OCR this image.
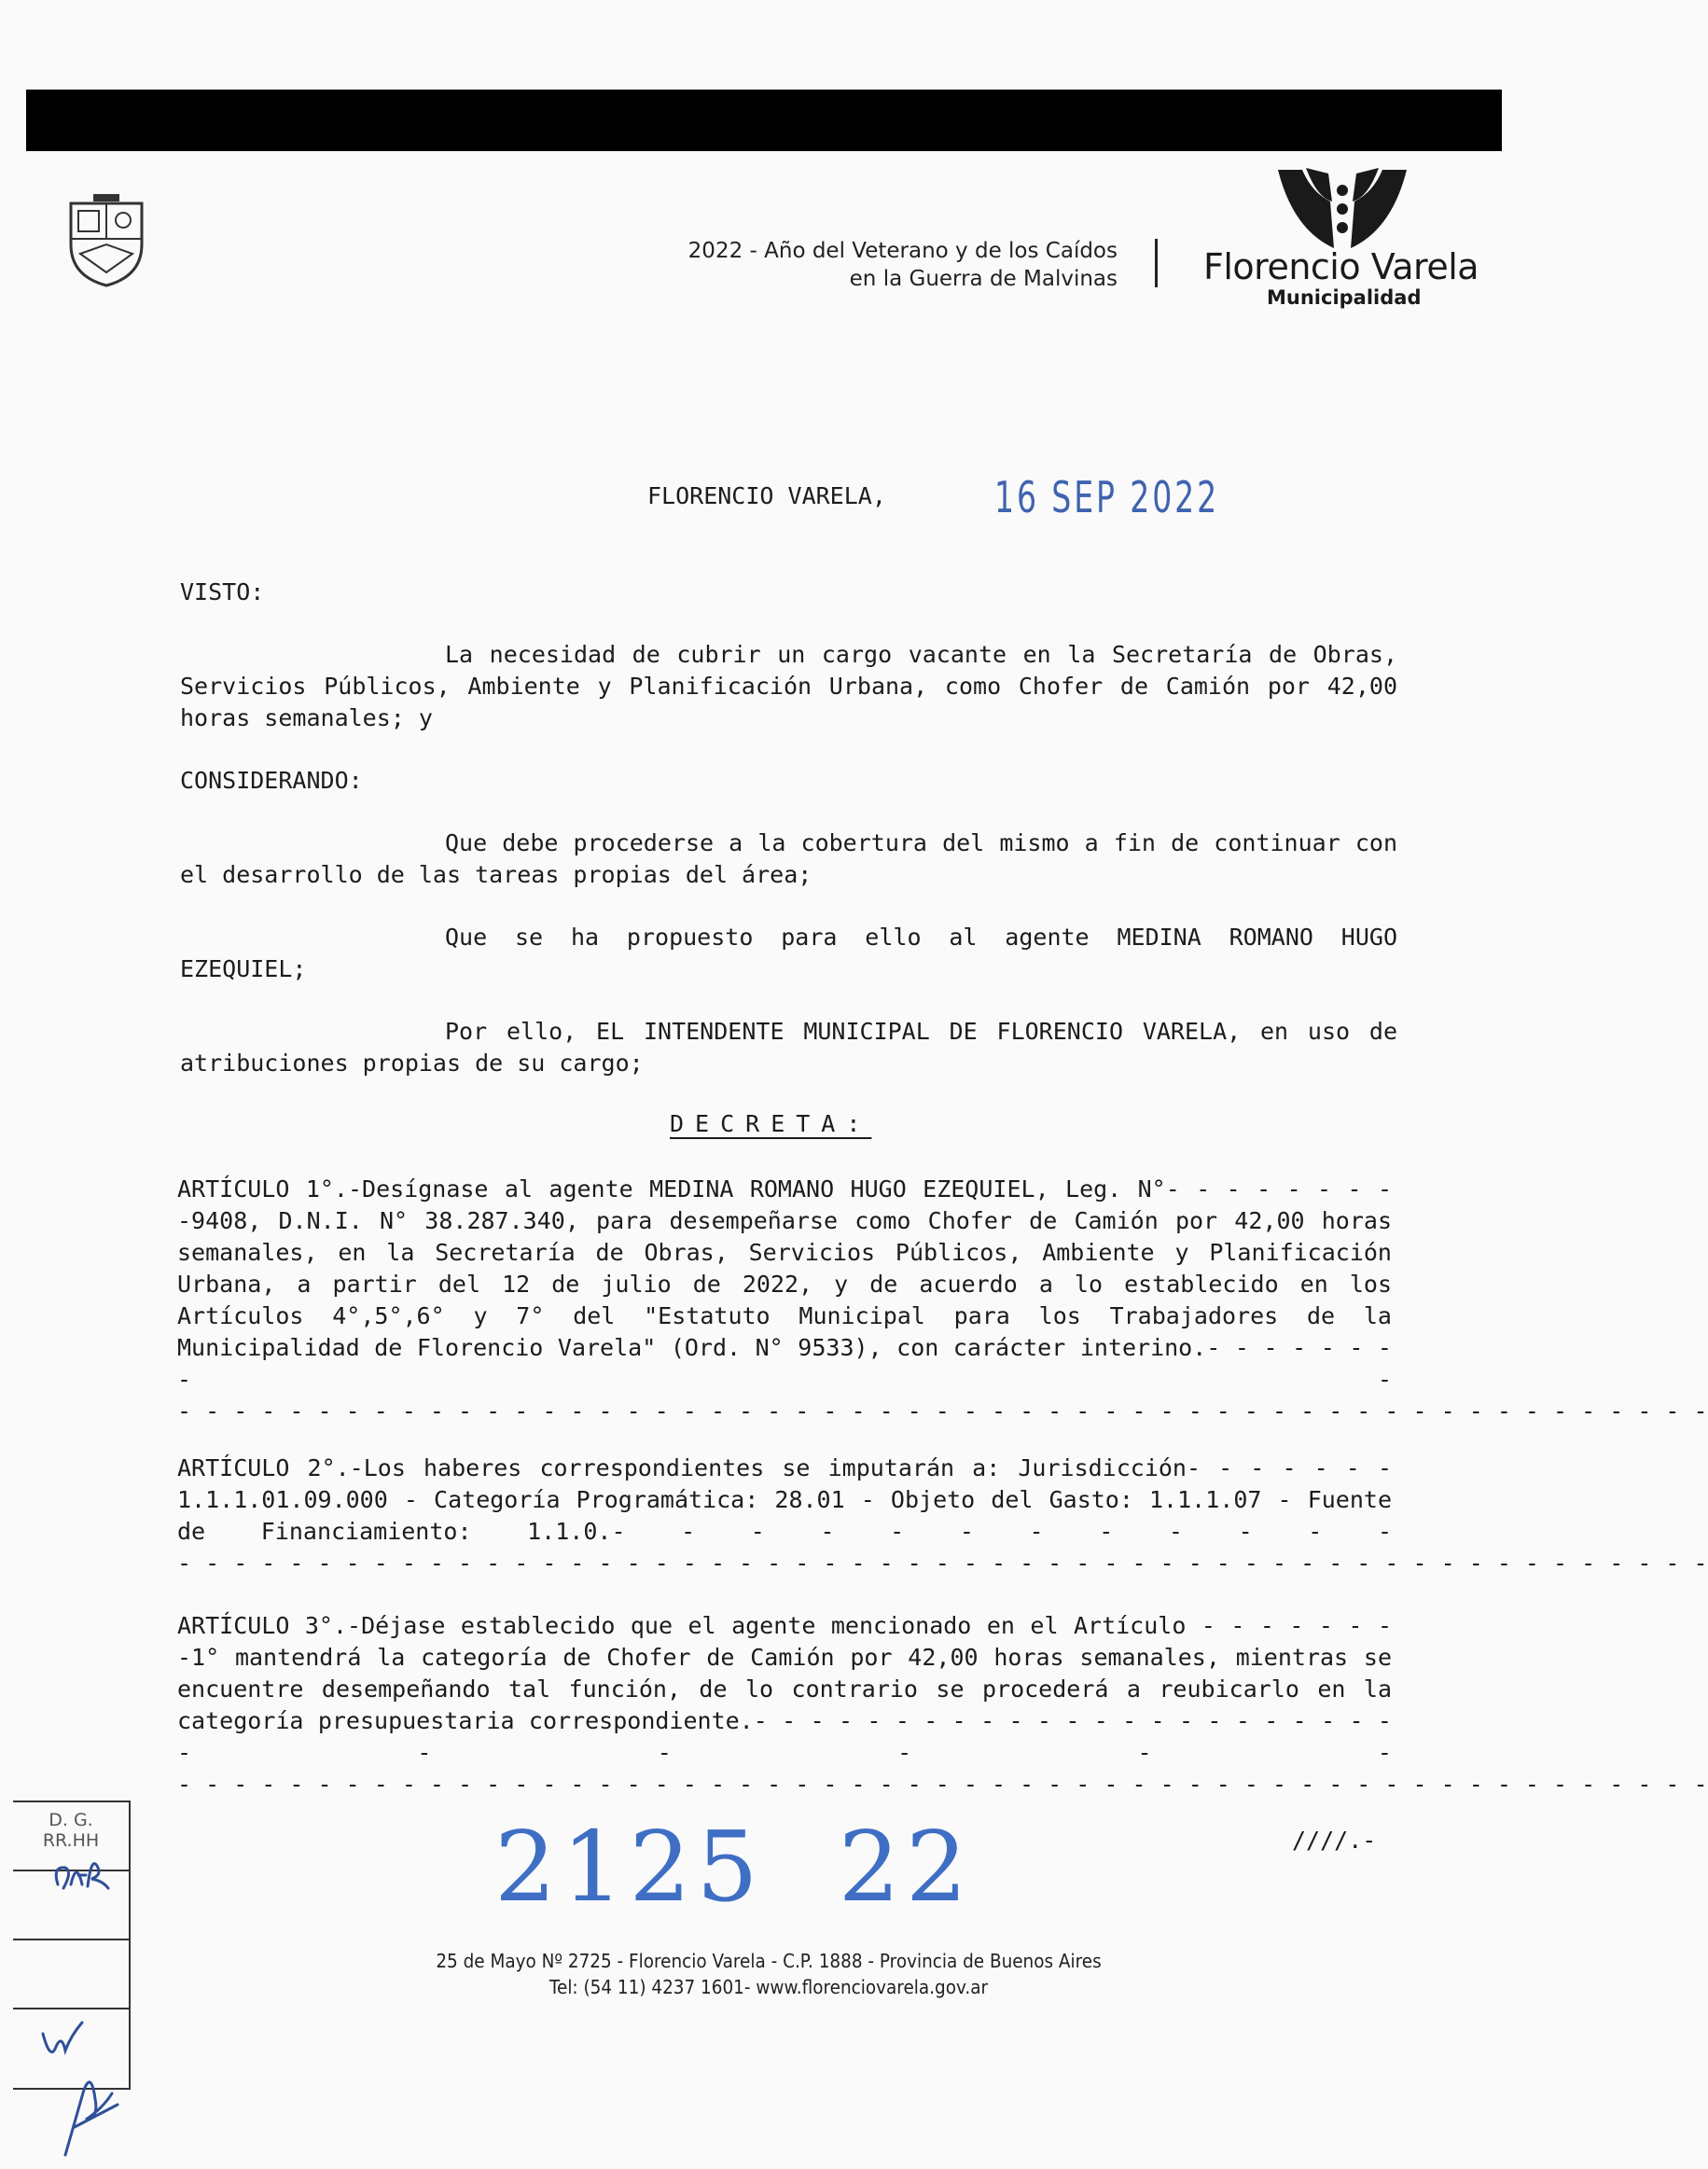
2022 - Año del Veterano y de los Caídos
en la Guerra de Malvinas Florencio Varela
Municipalidad
FLORENCIO VARELA,	16 SEP 2022
VISTO:
La necesidad de cubrir un cargo vacante en la Secretaría de Obras, Servicios Públicos, Ambiente y Planificación Urbana, como Chofer de Camión por 42,00 horas semanales; y
CONSIDERANDO:
Que debe procederse a la cobertura del mismo a fin de continuar con el desarrollo de las tareas propias del área;
Que se ha propuesto para ello al agente MEDINA ROMANO HUGO EZEQUIEL;
Por ello, EL INTENDENTE MUNICIPAL DE FLORENCIO VARELA, en uso de atribuciones propias de su cargo;
DECRETA:
ARTÍCULO 1°.-Desígnase al agente MEDINA ROMANO HUGO EZEQUIEL, Leg. N°- - - - - - - - -9408, D.N.I. N° 38.287.340, para desempeñarse como Chofer de Camión por 42,00 horas semanales, en la Secretaría de Obras, Servicios Públicos, Ambiente y Planificación Urbana, a partir del 12 de julio de 2022, y de acuerdo a lo establecido en los Artículos 4°,5°,6° y 7° del "Estatuto Municipal para los Trabajadores de la Municipalidad de Florencio Varela" (Ord. N° 9533), con carácter interino.- - - - - - - - -
- - - - - - - - - - - - - - - - - - - - - - - - - - - - - - - - - - - - - - - - - - - - - - - - - - - - - - -
ARTÍCULO 2°.-Los haberes correspondientes se imputarán a: Jurisdicción- - - - - - - 1.1.1.01.09.000 - Categoría Programática: 28.01 - Objeto del Gasto: 1.1.1.07 - Fuente de Financiamiento: 1.1.0.- - - - - - - - - - - -
- - - - - - - - - - - - - - - - - - - - - - - - - - - - - - - - - - - - - - - - - - - - - - - - - - - - - - -
ARTÍCULO 3°.-Déjase establecido que el agente mencionado en el Artículo - - - - - - - -1° mantendrá la categoría de Chofer de Camión por 42,00 horas semanales, mientras se encuentre desempeñando tal función, de lo contrario se procederá a reubicarlo en la categoría presupuestaria correspondiente.- - - - - - - - - - - - - - - - - - - - - - - - - - - - -
- - - - - - - - - - - - - - - - - - - - - - - - - - - - - - - - - - - - - - - - - - - - - - - - - - - - - - -
2125 22	////.-
D. G.
RR.HH
25 de Mayo Nº 2725 - Florencio Varela - C.P. 1888 - Provincia de Buenos Aires
Tel: (54 11) 4237 1601- www.florenciovarela.gov.ar
